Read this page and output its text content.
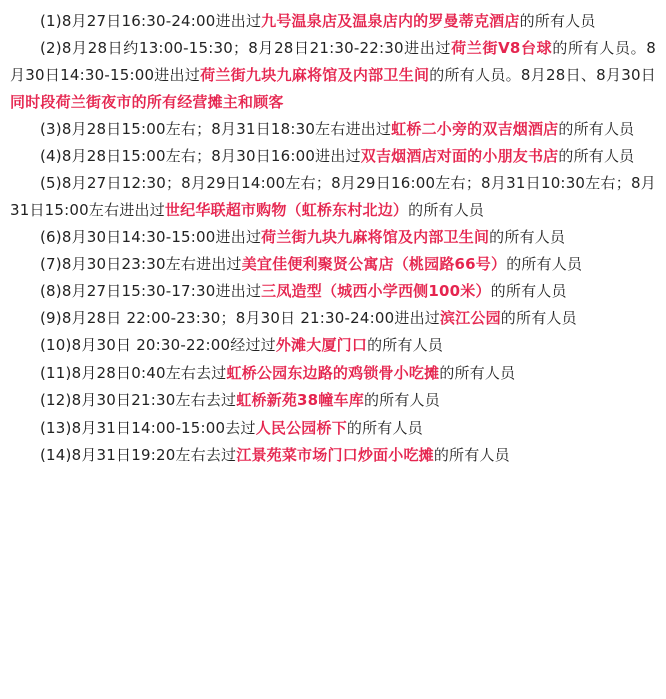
(1)8月27日16:30-24:00进出过九号温泉店及温泉店内的罗曼蒂克酒店的所有人员
(2)8月28日约13:00-15:30；8月28日21:30-22:30进出过荷兰街V8台球的所有人员。8月30日14:30-15:00进出过荷兰街九块九麻将馆及内部卫生间的所有人员。8月28日、8月30日同时段荷兰街夜市的所有经营摊主和顾客
(3)8月28日15:00左右；8月31日18:30左右进出过虹桥二小旁的双吉烟酒店的所有人员
(4)8月28日15:00左右；8月30日16:00进出过双吉烟酒店对面的小朋友书店的所有人员
(5)8月27日12:30；8月29日14:00左右；8月29日16:00左右；8月31日10:30左右；8月31日15:00左右进出过世纪华联超市购物（虹桥东村北边）的所有人员
(6)8月30日14:30-15:00进出过荷兰街九块九麻将馆及内部卫生间的所有人员
(7)8月30日23:30左右进出过美宜佳便利聚贤公寓店（桃园路66号）的所有人员
(8)8月27日15:30-17:30进出过三凤造型（城西小学西侧100米）的所有人员
(9)8月28日 22:00-23:30；8月30日 21:30-24:00进出过滨江公园的所有人员
(10)8月30日 20:30-22:00经过过外滩大厦门口的所有人员
(11)8月28日0:40左右去过虹桥公园东边路的鸡锁骨小吃摊的所有人员
(12)8月30日21:30左右去过虹桥新苑38幢车库的所有人员
(13)8月31日14:00-15:00去过人民公园桥下的所有人员
(14)8月31日19:20左右去过江景苑菜市场门口炒面小吃摊的所有人员
